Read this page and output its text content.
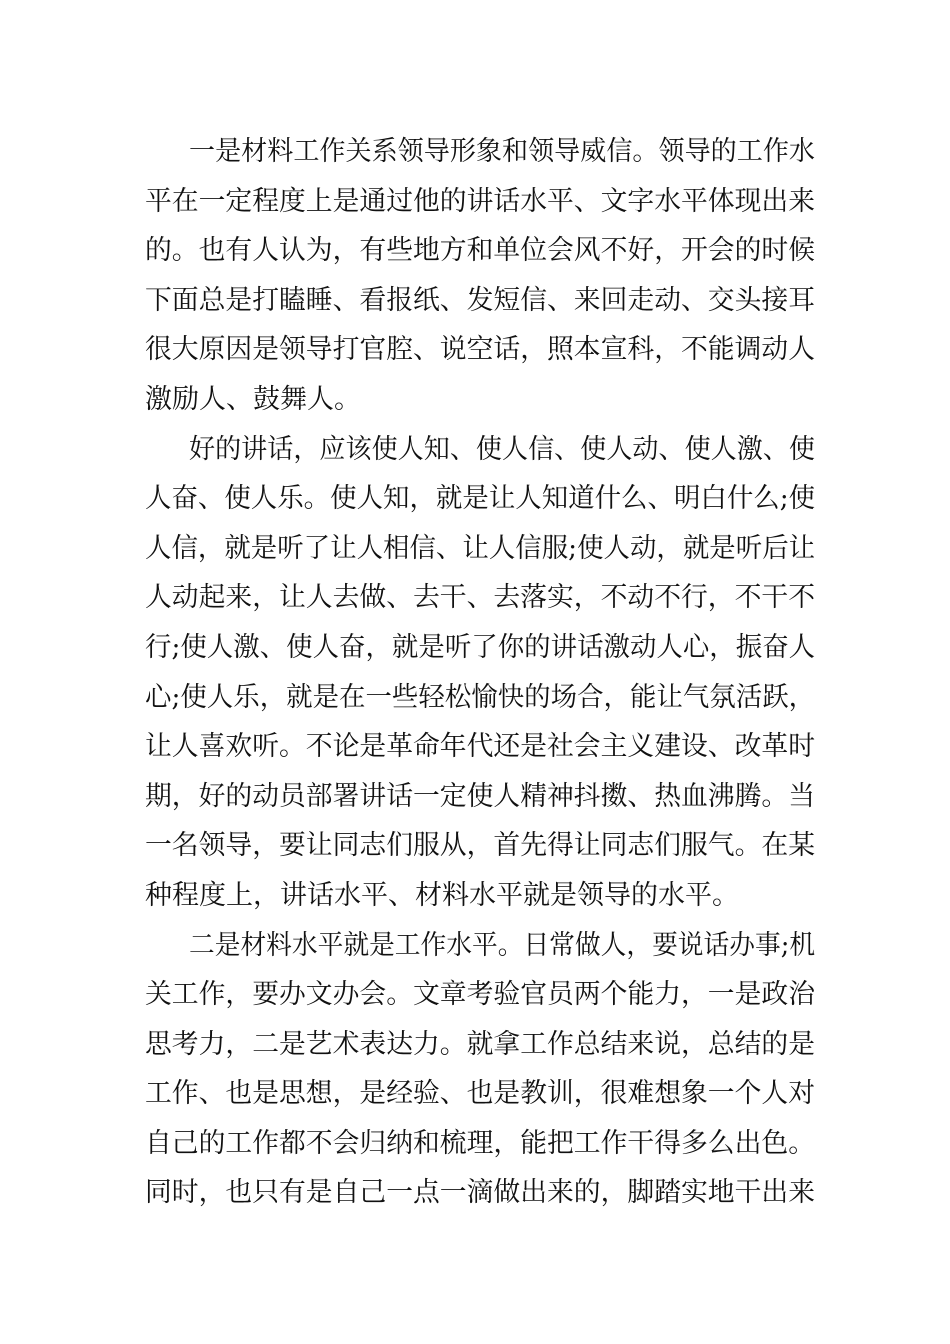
一是材料工作关系领导形象和领导威信。领导的工作水
平在一定程度上是通过他的讲话水平、文字水平体现出来
的。也有人认为，有些地方和单位会风不好，开会的时候
下面总是打瞌睡、看报纸、发短信、来回走动、交头接耳
很大原因是领导打官腔、说空话，照本宣科，不能调动人
激励人、鼓舞人。
好的讲话，应该使人知、使人信、使人动、使人激、使
人奋、使人乐。使人知，就是让人知道什么、明白什么;使
人信，就是听了让人相信、让人信服;使人动，就是听后让
人动起来，让人去做、去干、去落实，不动不行，不干不
行;使人激、使人奋，就是听了你的讲话激动人心，振奋人
心;使人乐，就是在一些轻松愉快的场合，能让气氛活跃，
让人喜欢听。不论是革命年代还是社会主义建设、改革时
期，好的动员部署讲话一定使人精神抖擞、热血沸腾。当
一名领导，要让同志们服从，首先得让同志们服气。在某
种程度上，讲话水平、材料水平就是领导的水平。
二是材料水平就是工作水平。日常做人，要说话办事;机
关工作，要办文办会。文章考验官员两个能力，一是政治
思考力，二是艺术表达力。就拿工作总结来说，总结的是
工作、也是思想，是经验、也是教训，很难想象一个人对
自己的工作都不会归纳和梳理，能把工作干得多么出色。
同时，也只有是自己一点一滴做出来的，脚踏实地干出来
